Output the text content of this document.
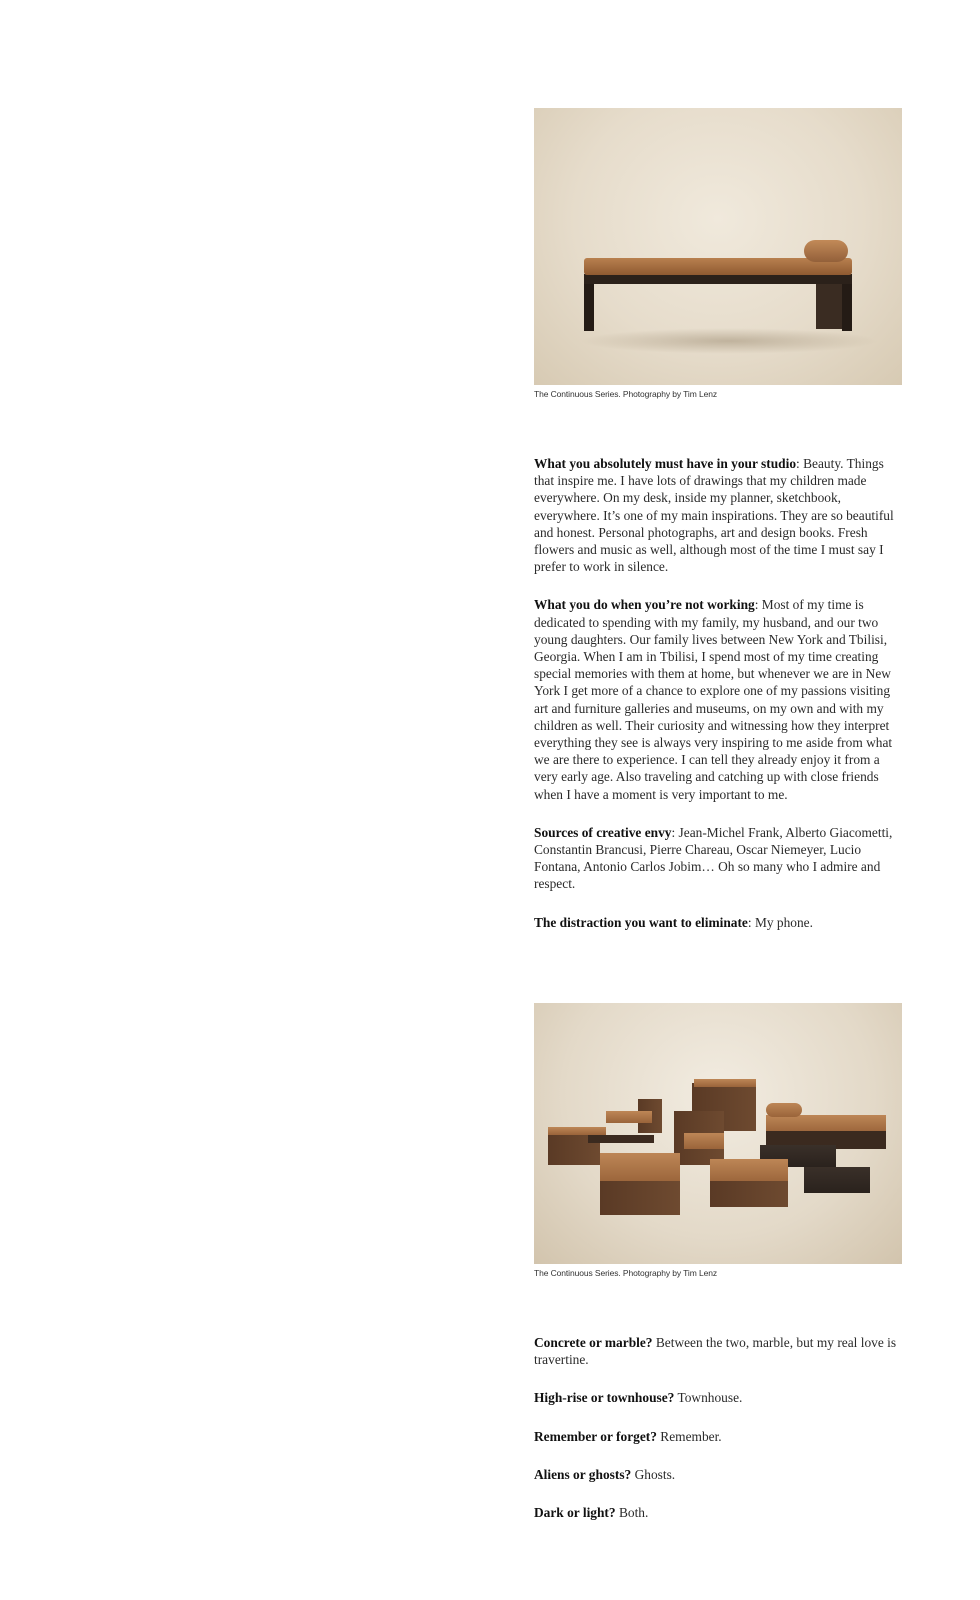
The Continuous Series. Photography by Tim Lenz

What you absolutely must have in your studio: Beauty. Things that inspire me. I have lots of drawings that my children made everywhere. On my desk, inside my planner, sketchbook, everywhere. It’s one of my main inspirations. They are so beautiful and honest. Personal photographs, art and design books. Fresh flowers and music as well, although most of the time I must say I prefer to work in silence.

What you do when you’re not working: Most of my time is dedicated to spending with my family, my husband, and our two young daughters. Our family lives between New York and Tbilisi, Georgia. When I am in Tbilisi, I spend most of my time creating special memories with them at home, but whenever we are in New York I get more of a chance to explore one of my passions visiting art and furniture galleries and museums, on my own and with my children as well. Their curiosity and witnessing how they interpret everything they see is always very inspiring to me aside from what we are there to experience. I can tell they already enjoy it from a very early age. Also traveling and catching up with close friends when I have a moment is very important to me.

Sources of creative envy: Jean-Michel Frank, Alberto Giacometti, Constantin Brancusi, Pierre Chareau, Oscar Niemeyer, Lucio Fontana, Antonio Carlos Jobim… Oh so many who I admire and respect.

The distraction you want to eliminate: My phone.

The Continuous Series. Photography by Tim Lenz

Concrete or marble? Between the two, marble, but my real love is travertine.

High-rise or townhouse? Townhouse.

Remember or forget? Remember.

Aliens or ghosts? Ghosts.

Dark or light? Both.
